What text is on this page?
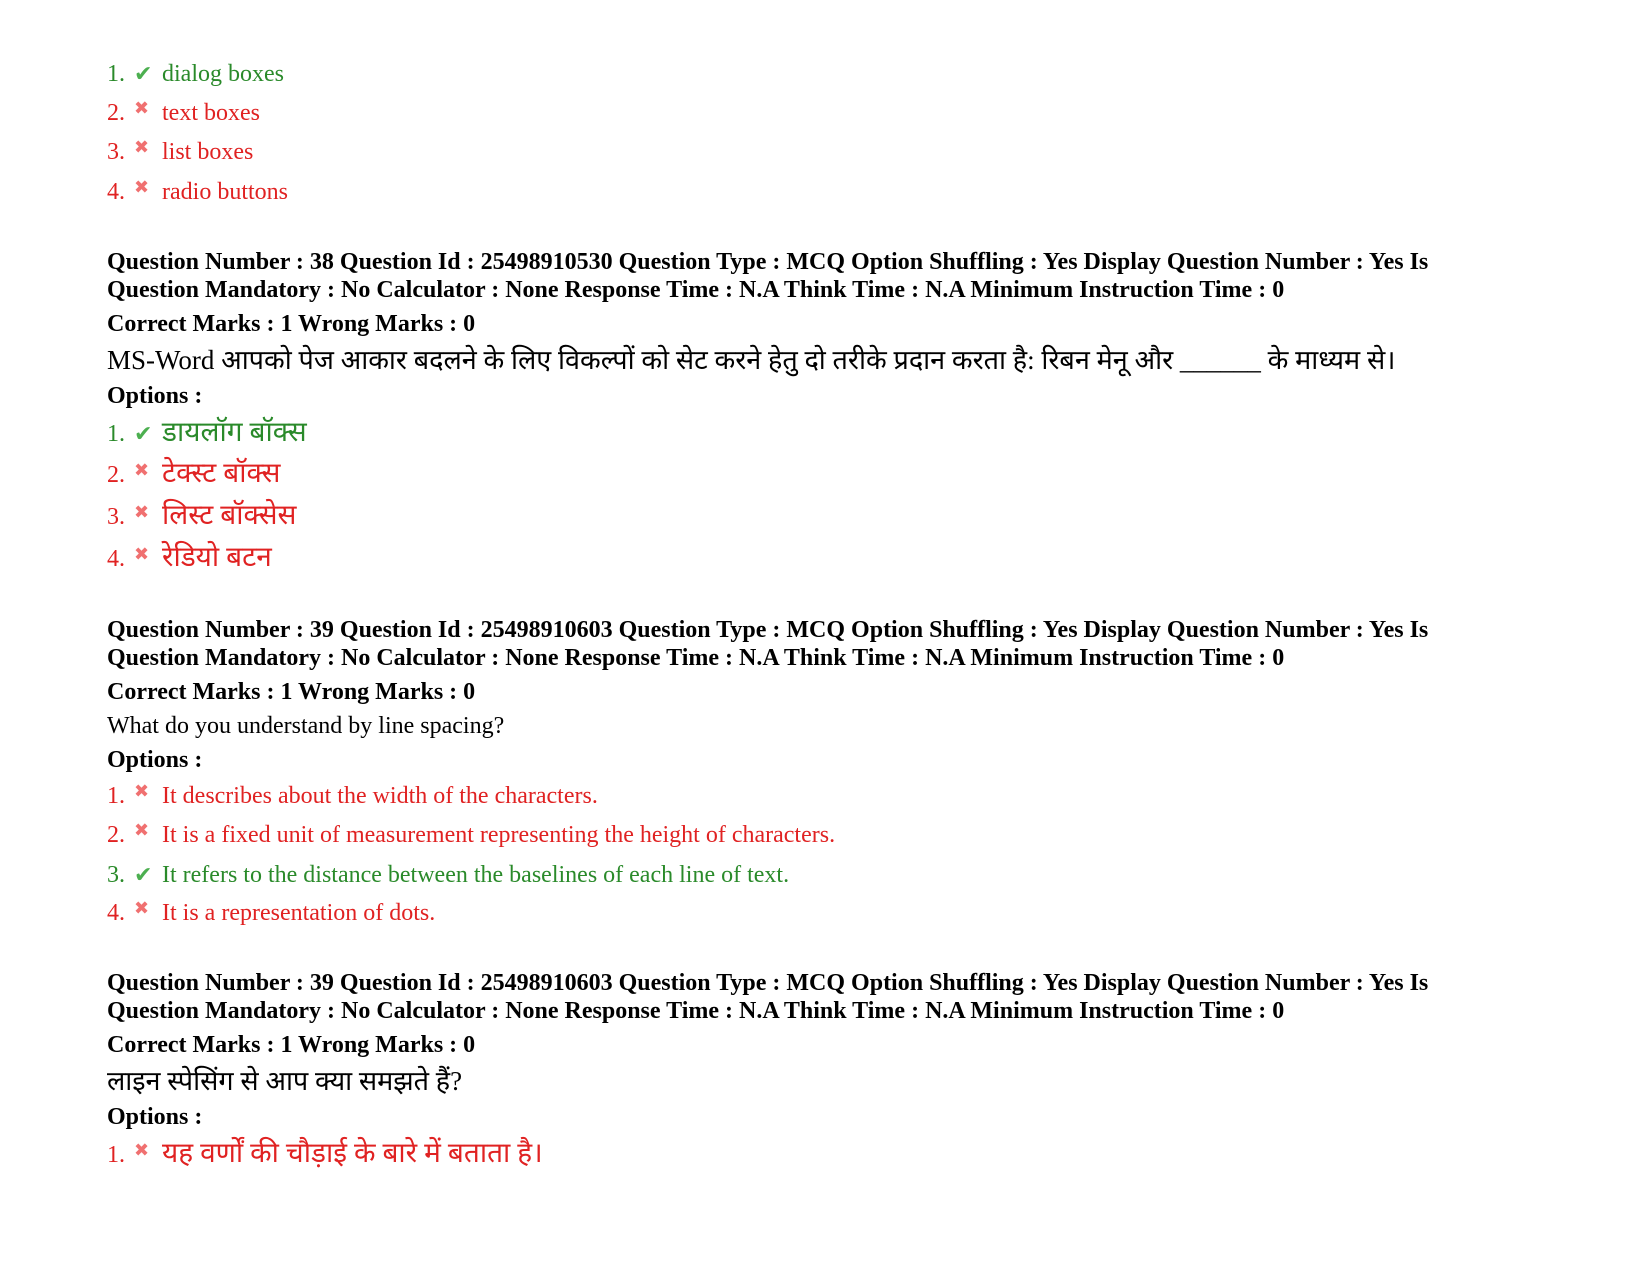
1. ✔ dialog boxes
2. ✖ text boxes
3. ✖ list boxes
4. ✖ radio buttons
Question Number : 38 Question Id : 25498910530 Question Type : MCQ Option Shuffling : Yes Display Question Number : Yes Is
Question Mandatory : No Calculator : None Response Time : N.A Think Time : N.A Minimum Instruction Time : 0
Correct Marks : 1 Wrong Marks : 0
MS-Word आपको पेज आकार बदलने के लिए विकल्पों को सेट करने हेतु दो तरीके प्रदान करता है: रिबन मेनू और ______ के माध्यम से।
Options :
1. ✔ डायलॉग बॉक्स
2. ✖ टेक्स्ट बॉक्स
3. ✖ लिस्ट बॉक्सेस
4. ✖ रेडियो बटन
Question Number : 39 Question Id : 25498910603 Question Type : MCQ Option Shuffling : Yes Display Question Number : Yes Is
Question Mandatory : No Calculator : None Response Time : N.A Think Time : N.A Minimum Instruction Time : 0
Correct Marks : 1 Wrong Marks : 0
What do you understand by line spacing?
Options :
1. ✖ It describes about the width of the characters.
2. ✖ It is a fixed unit of measurement representing the height of characters.
3. ✔ It refers to the distance between the baselines of each line of text.
4. ✖ It is a representation of dots.
Question Number : 39 Question Id : 25498910603 Question Type : MCQ Option Shuffling : Yes Display Question Number : Yes Is
Question Mandatory : No Calculator : None Response Time : N.A Think Time : N.A Minimum Instruction Time : 0
Correct Marks : 1 Wrong Marks : 0
लाइन स्पेसिंग से आप क्या समझते हैं?
Options :
1. ✖ यह वर्णों की चौड़ाई के बारे में बताता है।
